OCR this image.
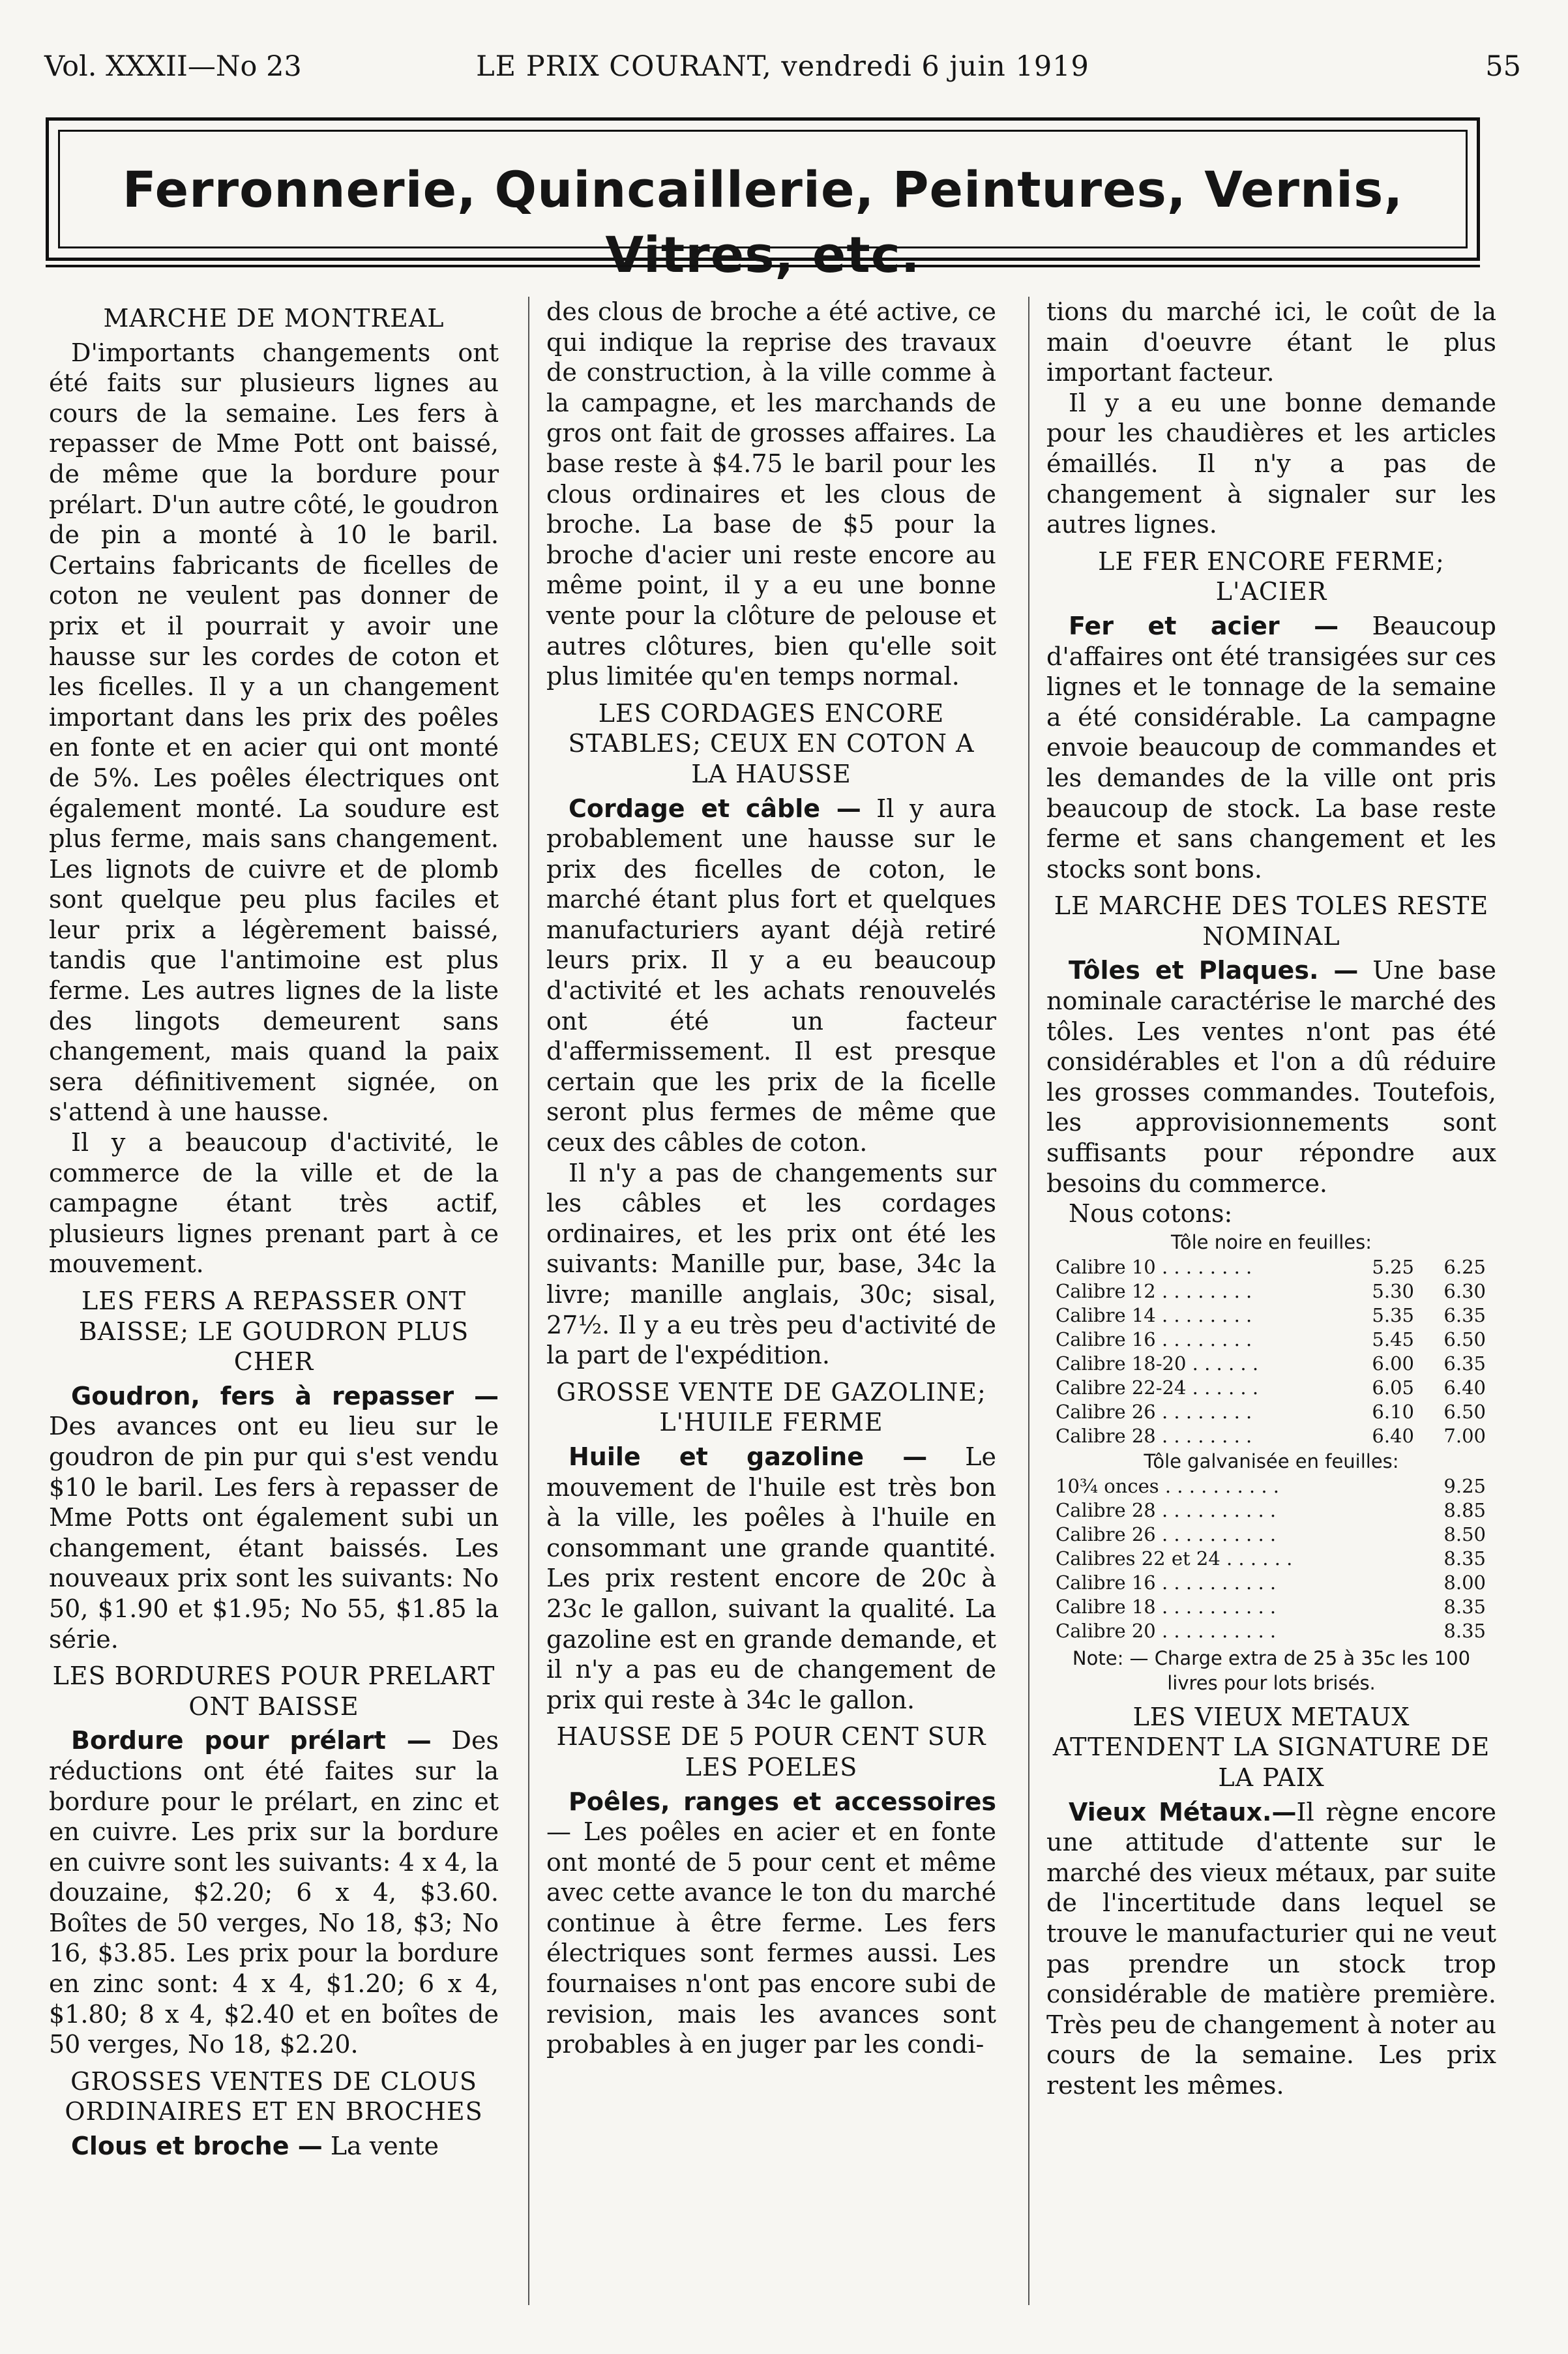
Vol. XXXII—No 23	LE PRIX COURANT, vendredi 6 juin 1919	55
Ferronnerie, Quincaillerie, Peintures, Vernis, Vitres, etc.
MARCHE DE MONTREAL

D'importants changements ont été faits sur plusieurs lignes au cours de la semaine. Les fers à repasser de Mme Pott ont baissé, de même que la bordure pour prélart. D'un autre côté, le goudron de pin a monté à 10 le baril. Certains fabricants de ficelles de coton ne veulent pas donner de prix et il pourrait y avoir une hausse sur les cordes de coton et les ficelles. Il y a un changement important dans les prix des poêles en fonte et en acier qui ont monté de 5%. Les poêles électriques ont également monté. La soudure est plus ferme, mais sans changement. Les lignots de cuivre et de plomb sont quelque peu plus faciles et leur prix a légèrement baissé, tandis que l'antimoine est plus ferme. Les autres lignes de la liste des lingots demeurent sans changement, mais quand la paix sera définitivement signée, on s'attend à une hausse.

Il y a beaucoup d'activité, le commerce de la ville et de la campagne étant très actif, plusieurs lignes prenant part à ce mouvement.

LES FERS A REPASSER ONT BAISSE; LE GOUDRON PLUS CHER

Goudron, fers à repasser — Des avances ont eu lieu sur le goudron de pin pur qui s'est vendu $10 le baril. Les fers à repasser de Mme Potts ont également subi un changement, étant baissés. Les nouveaux prix sont les suivants: No 50, $1.90 et $1.95; No 55, $1.85 la série.

LES BORDURES POUR PRELART ONT BAISSE

Bordure pour prélart — Des réductions ont été faites sur la bordure pour le prélart, en zinc et en cuivre. Les prix sur la bordure en cuivre sont les suivants: 4 x 4, la douzaine, $2.20; 6 x 4, $3.60. Boîtes de 50 verges, No 18, $3; No 16, $3.85. Les prix pour la bordure en zinc sont: 4 x 4, $1.20; 6 x 4, $1.80; 8 x 4, $2.40 et en boîtes de 50 verges, No 18, $2.20.

GROSSES VENTES DE CLOUS ORDINAIRES ET EN BROCHES

Clous et broche — La vente

des clous de broche a été active, ce qui indique la reprise des travaux de construction, à la ville comme à la campagne, et les marchands de gros ont fait de grosses affaires. La base reste à $4.75 le baril pour les clous ordinaires et les clous de broche. La base de $5 pour la broche d'acier uni reste encore au même point, il y a eu une bonne vente pour la clôture de pelouse et autres clôtures, bien qu'elle soit plus limitée qu'en temps normal.

LES CORDAGES ENCORE STABLES; CEUX EN COTON A LA HAUSSE

Cordage et câble — Il y aura probablement une hausse sur le prix des ficelles de coton, le marché étant plus fort et quelques manufacturiers ayant déjà retiré leurs prix. Il y a eu beaucoup d'activité et les achats renouvelés ont été un facteur d'affermissement. Il est presque certain que les prix de la ficelle seront plus fermes de même que ceux des câbles de coton.

Il n'y a pas de changements sur les câbles et les cordages ordinaires, et les prix ont été les suivants: Manille pur, base, 34c la livre; manille anglais, 30c; sisal, 27½. Il y a eu très peu d'activité de la part de l'expédition.

GROSSE VENTE DE GAZOLINE; L'HUILE FERME

Huile et gazoline — Le mouvement de l'huile est très bon à la ville, les poêles à l'huile en consommant une grande quantité. Les prix restent encore de 20c à 23c le gallon, suivant la qualité. La gazoline est en grande demande, et il n'y a pas eu de changement de prix qui reste à 34c le gallon.

HAUSSE DE 5 POUR CENT SUR LES POELES

Poêles, ranges et accessoires — Les poêles en acier et en fonte ont monté de 5 pour cent et même avec cette avance le ton du marché continue à être ferme. Les fers électriques sont fermes aussi. Les fournaises n'ont pas encore subi de revision, mais les avances sont probables à en juger par les condi-

tions du marché ici, le coût de la main d'oeuvre étant le plus important facteur.

Il y a eu une bonne demande pour les chaudières et les articles émaillés. Il n'y a pas de changement à signaler sur les autres lignes.

LE FER ENCORE FERME; L'ACIER

Fer et acier — Beaucoup d'affaires ont été transigées sur ces lignes et le tonnage de la semaine a été considérable. La campagne envoie beaucoup de commandes et les demandes de la ville ont pris beaucoup de stock. La base reste ferme et sans changement et les stocks sont bons.

LE MARCHE DES TOLES RESTE NOMINAL

Tôles et Plaques. — Une base nominale caractérise le marché des tôles. Les ventes n'ont pas été considérables et l'on a dû réduire les grosses commandes. Toutefois, les approvisionnements sont suffisants pour répondre aux besoins du commerce.

Nous cotons:

Tôle noire en feuilles:
Calibre 10 . . . . . . . .	5.25	6.25
Calibre 12 . . . . . . . .	5.30	6.30
Calibre 14 . . . . . . . .	5.35	6.35
Calibre 16 . . . . . . . .	5.45	6.50
Calibre 18-20 . . . . . .	6.00	6.35
Calibre 22-24 . . . . . .	6.05	6.40
Calibre 26 . . . . . . . .	6.10	6.50
Calibre 28 . . . . . . . .	6.40	7.00
Tôle galvanisée en feuilles:
10¾ onces . . . . . . . . . .	9.25
Calibre 28 . . . . . . . . . .	8.85
Calibre 26 . . . . . . . . . .	8.50
Calibres 22 et 24 . . . . . .	8.35
Calibre 16 . . . . . . . . . .	8.00
Calibre 18 . . . . . . . . . .	8.35
Calibre 20 . . . . . . . . . .	8.35
Note: — Charge extra de 25 à 35c les 100 livres pour lots brisés.
LES VIEUX METAUX ATTENDENT LA SIGNATURE DE LA PAIX

Vieux Métaux.—Il règne encore une attitude d'attente sur le marché des vieux métaux, par suite de l'incertitude dans lequel se trouve le manufacturier qui ne veut pas prendre un stock trop considérable de matière première. Très peu de changement à noter au cours de la semaine. Les prix restent les mêmes.
